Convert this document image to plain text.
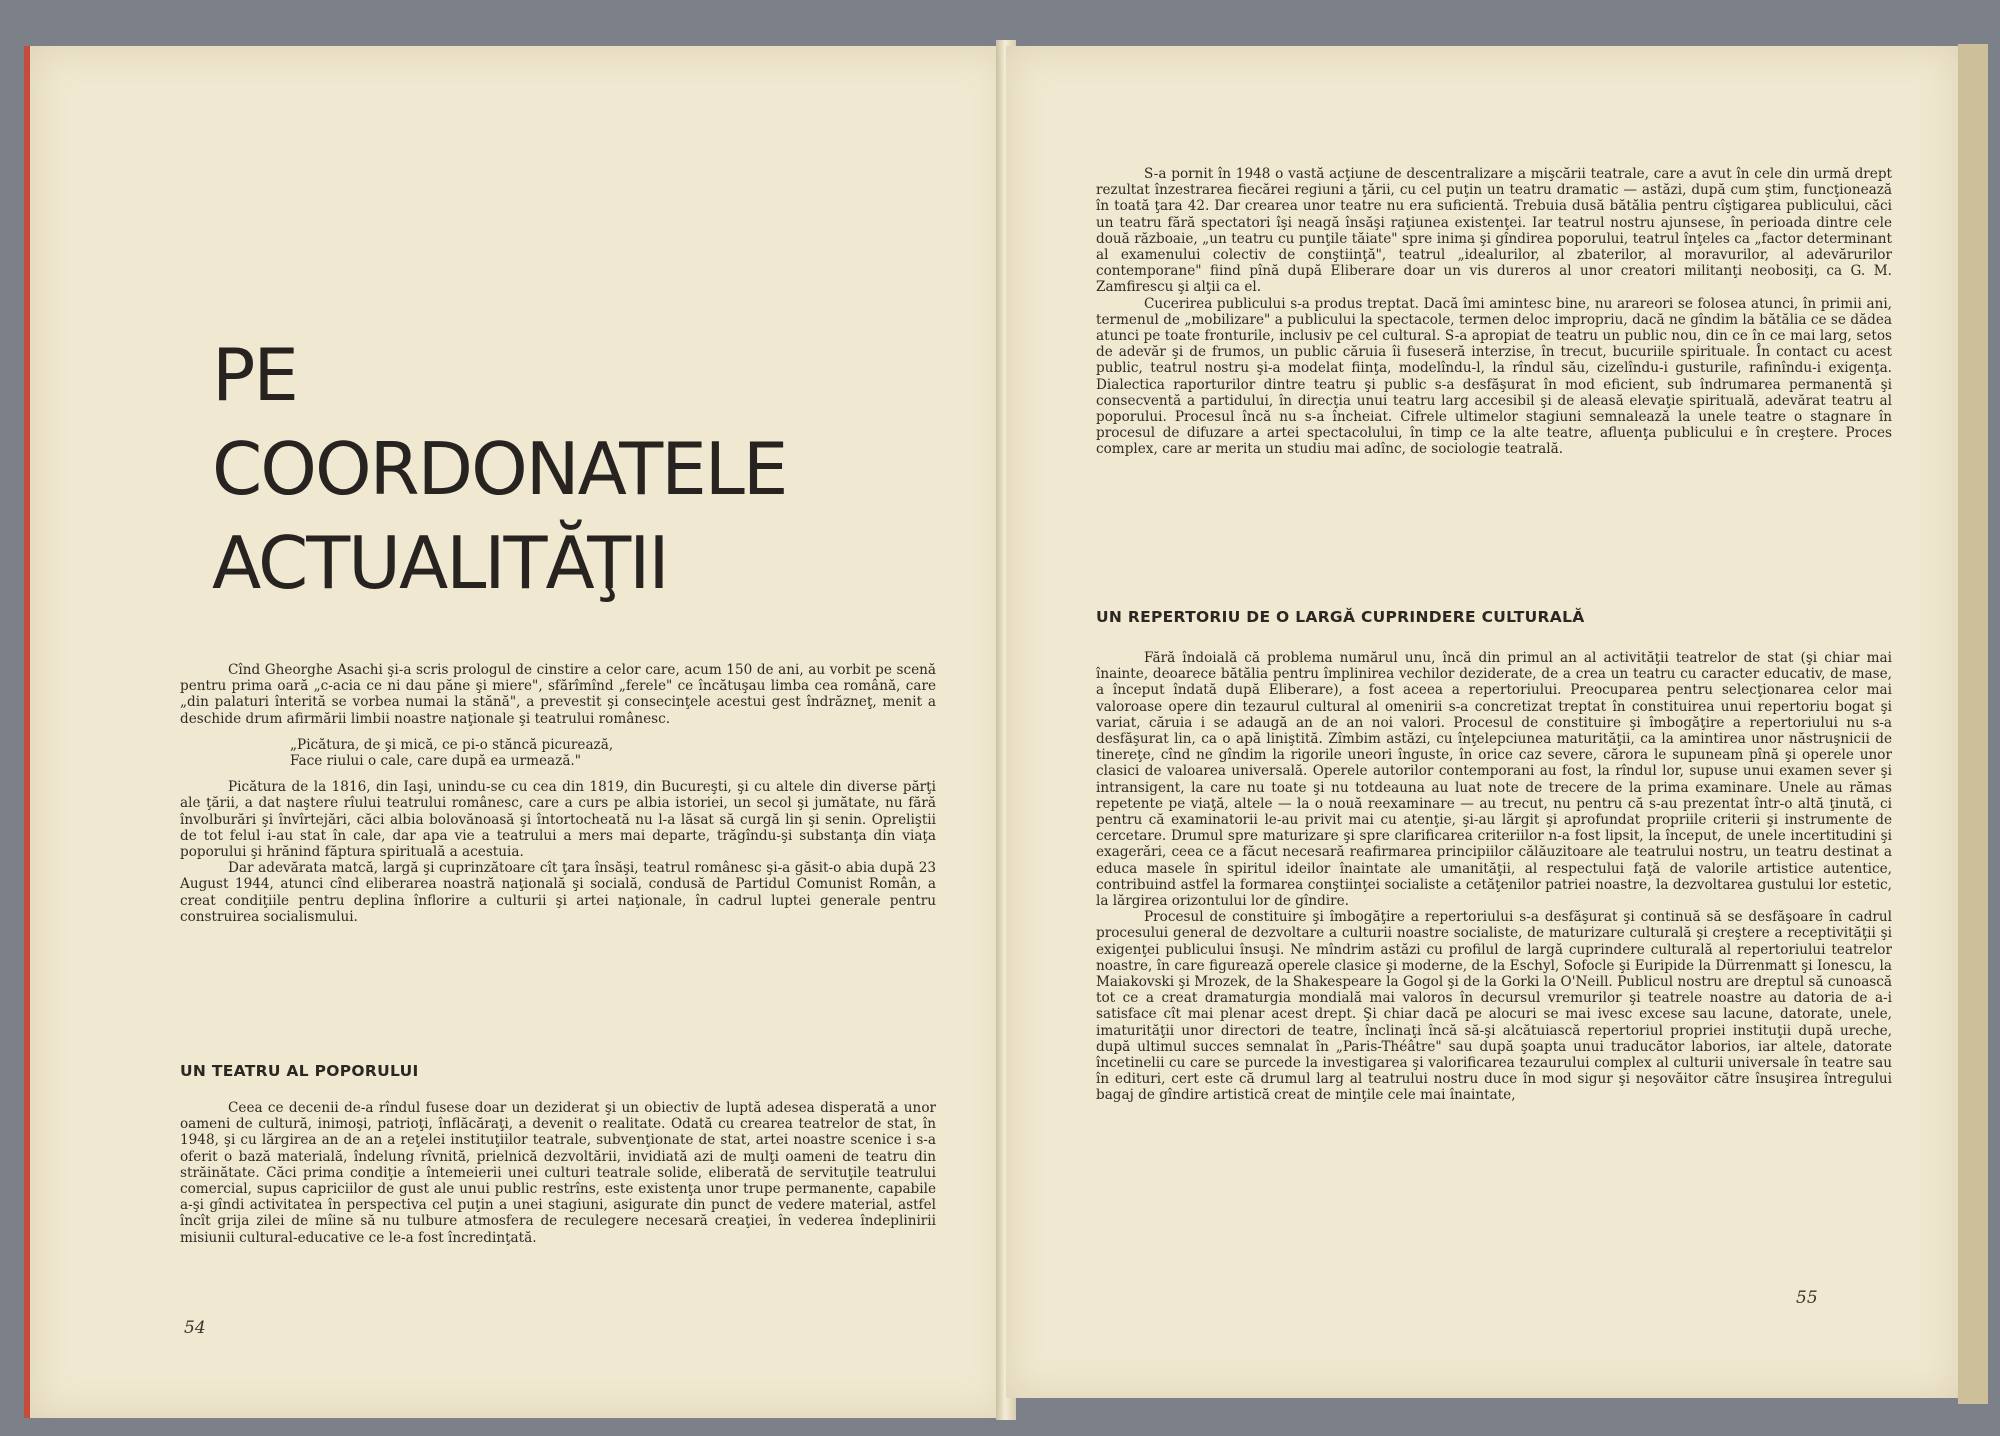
PE
COORDONATELE
ACTUALITĂŢII

Cînd Gheorghe Asachi şi-a scris prologul de cinstire a celor care, acum 150 de ani, au vorbit pe scenă pentru prima oară „c-acia ce ni dau păne şi miere", sfărîmînd „ferele" ce încătuşau limba cea română, care „din palaturi înterită se vorbea numai la stănă", a prevestit şi consecinţele acestui gest îndrăzneţ, menit a deschide drum afirmării limbii noastre naţionale şi teatrului românesc.

„Picătura, de şi mică, ce pi-o stăncă picurează,
Face riului o cale, care după ea urmează."

Picătura de la 1816, din Iaşi, unindu-se cu cea din 1819, din Bucureşti, şi cu altele din diverse părţi ale ţării, a dat naştere rîului teatrului românesc, care a curs pe albia istoriei, un secol şi jumătate, nu fără învolburări şi învîrtejări, căci albia bolovănoasă şi întortocheată nu l-a lăsat să curgă lin şi senin. Opreliştii de tot felul i-au stat în cale, dar apa vie a teatrului a mers mai departe, trăgîndu-şi substanţa din viaţa poporului şi hrănind făptura spirituală a acestuia.

Dar adevărata matcă, largă şi cuprinzătoare cît ţara însăşi, teatrul românesc şi-a găsit-o abia după 23 August 1944, atunci cînd eliberarea noastră naţională şi socială, condusă de Partidul Comunist Român, a creat condiţiile pentru deplina înflorire a culturii şi artei naţionale, în cadrul luptei generale pentru construirea socialismului.

UN TEATRU AL POPORULUI

Ceea ce decenii de-a rîndul fusese doar un deziderat şi un obiectiv de luptă adesea disperată a unor oameni de cultură, inimoşi, patrioţi, înflăcăraţi, a devenit o realitate. Odată cu crearea teatrelor de stat, în 1948, şi cu lărgirea an de an a reţelei instituţiilor teatrale, subvenţionate de stat, artei noastre scenice i s-a oferit o bază materială, îndelung rîvnită, prielnică dezvoltării, invidiată azi de mulţi oameni de teatru din străinătate. Căci prima condiţie a întemeierii unei culturi teatrale solide, eliberată de servituţile teatrului comercial, supus capriciilor de gust ale unui public restrîns, este existenţa unor trupe permanente, capabile a-şi gîndi activitatea în perspectiva cel puţin a unei stagiuni, asigurate din punct de vedere material, astfel încît grija zilei de mîine să nu tulbure atmosfera de reculegere necesară creaţiei, în vederea îndeplinirii misiunii cultural-educative ce le-a fost încredinţată.

54

S-a pornit în 1948 o vastă acţiune de descentralizare a mişcării teatrale, care a avut în cele din urmă drept rezultat înzestrarea fiecărei regiuni a ţării, cu cel puţin un teatru dramatic — astăzi, după cum ştim, funcţionează în toată ţara 42. Dar crearea unor teatre nu era suficientă. Trebuia dusă bătălia pentru cîştigarea publicului, căci un teatru fără spectatori îşi neagă însăşi raţiunea existenţei. Iar teatrul nostru ajunsese, în perioada dintre cele două războaie, „un teatru cu punţile tăiate" spre inima şi gîndirea poporului, teatrul înţeles ca „factor determinant al examenului colectiv de conştiinţă", teatrul „idealurilor, al zbaterilor, al moravurilor, al adevărurilor contemporane" fiind pînă după Eliberare doar un vis dureros al unor creatori militanţi neobosiţi, ca G. M. Zamfirescu şi alţii ca el.

Cucerirea publicului s-a produs treptat. Dacă îmi amintesc bine, nu arareori se folosea atunci, în primii ani, termenul de „mobilizare" a publicului la spectacole, termen deloc impropriu, dacă ne gîndim la bătălia ce se dădea atunci pe toate fronturile, inclusiv pe cel cultural. S-a apropiat de teatru un public nou, din ce în ce mai larg, setos de adevăr şi de frumos, un public căruia îi fuseseră interzise, în trecut, bucuriile spirituale. În contact cu acest public, teatrul nostru şi-a modelat fiinţa, modelîndu-l, la rîndul său, cizelîndu-i gusturile, rafinîndu-i exigenţa. Dialectica raporturilor dintre teatru şi public s-a desfăşurat în mod eficient, sub îndrumarea permanentă şi consecventă a partidului, în direcţia unui teatru larg accesibil şi de aleasă elevaţie spirituală, adevărat teatru al poporului. Procesul încă nu s-a încheiat. Cifrele ultimelor stagiuni semnalează la unele teatre o stagnare în procesul de difuzare a artei spectacolului, în timp ce la alte teatre, afluenţa publicului e în creştere. Proces complex, care ar merita un studiu mai adînc, de sociologie teatrală.

UN REPERTORIU DE O LARGĂ CUPRINDERE CULTURALĂ

Fără îndoială că problema numărul unu, încă din primul an al activităţii teatrelor de stat (şi chiar mai înainte, deoarece bătălia pentru împlinirea vechilor deziderate, de a crea un teatru cu caracter educativ, de mase, a început îndată după Eliberare), a fost aceea a repertoriului. Preocuparea pentru selecţionarea celor mai valoroase opere din tezaurul cultural al omenirii s-a concretizat treptat în constituirea unui repertoriu bogat şi variat, căruia i se adaugă an de an noi valori. Procesul de constituire şi îmbogăţire a repertoriului nu s-a desfăşurat lin, ca o apă liniştită. Zîmbim astăzi, cu înţelepciunea maturităţii, ca la amintirea unor năstruşnicii de tinereţe, cînd ne gîndim la rigorile uneori înguste, în orice caz severe, cărora le supuneam pînă şi operele unor clasici de valoarea universală. Operele autorilor contemporani au fost, la rîndul lor, supuse unui examen sever şi intransigent, la care nu toate şi nu totdeauna au luat note de trecere de la prima examinare. Unele au rămas repetente pe viaţă, altele — la o nouă reexaminare — au trecut, nu pentru că s-au prezentat într-o altă ţinută, ci pentru că examinatorii le-au privit mai cu atenţie, şi-au lărgit şi aprofundat propriile criterii şi instrumente de cercetare. Drumul spre maturizare şi spre clarificarea criteriilor n-a fost lipsit, la început, de unele incertitudini şi exagerări, ceea ce a făcut necesară reafirmarea principiilor călăuzitoare ale teatrului nostru, un teatru destinat a educa masele în spiritul ideilor înaintate ale umanităţii, al respectului faţă de valorile artistice autentice, contribuind astfel la formarea conştiinţei socialiste a cetăţenilor patriei noastre, la dezvoltarea gustului lor estetic, la lărgirea orizontului lor de gîndire.

Procesul de constituire şi îmbogăţire a repertoriului s-a desfăşurat şi continuă să se desfăşoare în cadrul procesului general de dezvoltare a culturii noastre socialiste, de maturizare culturală şi creştere a receptivităţii şi exigenţei publicului însuşi. Ne mîndrim astăzi cu profilul de largă cuprindere culturală al repertoriului teatrelor noastre, în care figurează operele clasice şi moderne, de la Eschyl, Sofocle şi Euripide la Dürrenmatt şi Ionescu, la Maiakovski şi Mrozek, de la Shakespeare la Gogol şi de la Gorki la O'Neill. Publicul nostru are dreptul să cunoască tot ce a creat dramaturgia mondială mai valoros în decursul vremurilor şi teatrele noastre au datoria de a-i satisface cît mai plenar acest drept. Şi chiar dacă pe alocuri se mai ivesc excese sau lacune, datorate, unele, imaturităţii unor directori de teatre, înclinaţi încă să-şi alcătuiască repertoriul propriei instituţii după ureche, după ultimul succes semnalat în „Paris-Théâtre" sau după şoapta unui traducător laborios, iar altele, datorate încetinelii cu care se purcede la investigarea şi valorificarea tezaurului complex al culturii universale în teatre sau în edituri, cert este că drumul larg al teatrului nostru duce în mod sigur şi neşovăitor către însuşirea întregului bagaj de gîndire artistică creat de minţile cele mai înaintate,

55
